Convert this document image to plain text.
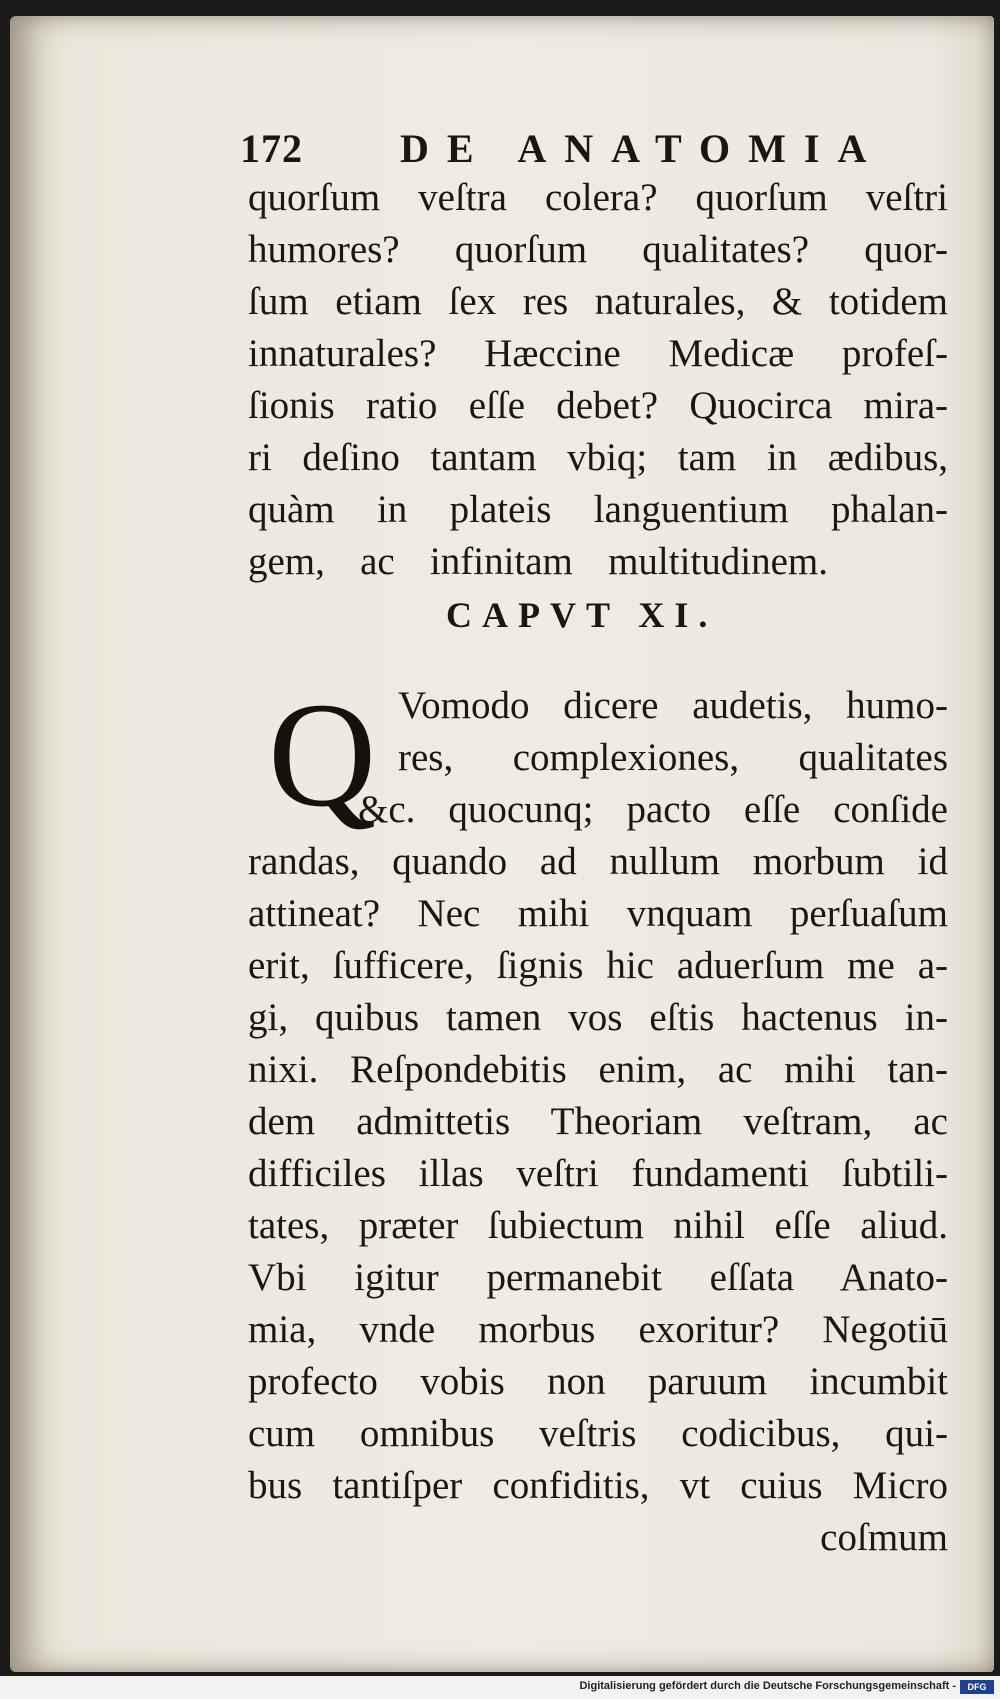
172 DE ANATOMIA
quorſum veſtra colera? quorſum veſtri
humores? quorſum qualitates? quor-
ſum etiam ſex res naturales, & totidem
innaturales? Hæccine Medicæ profeſ-
ſionis ratio eſſe debet? Quocirca mira-
ri deſino tantam vbiq; tam in ædibus,
quàm in plateis languentium phalan-
gem, ac infinitam multitudinem.
CAPVT XI.
Q Vomodo dicere audetis, humo-
res, complexiones, qualitates
&c. quocunq; pacto eſſe conſide
randas, quando ad nullum morbum id
attineat? Nec mihi vnquam perſuaſum
erit, ſufficere, ſignis hic aduerſum me a-
gi, quibus tamen vos eſtis hactenus in-
nixi. Reſpondebitis enim, ac mihi tan-
dem admittetis Theoriam veſtram, ac
difficiles illas veſtri fundamenti ſubtili-
tates, præter ſubiectum nihil eſſe aliud.
Vbi igitur permanebit eſſata Anato-
mia, vnde morbus exoritur? Negotiū
profecto vobis non paruum incumbit
cum omnibus veſtris codicibus, qui-
bus tantiſper confiditis, vt cuius Micro
coſmum
Digitalisierung gefördert durch die Deutsche Forschungsgemeinschaft -	DFG
